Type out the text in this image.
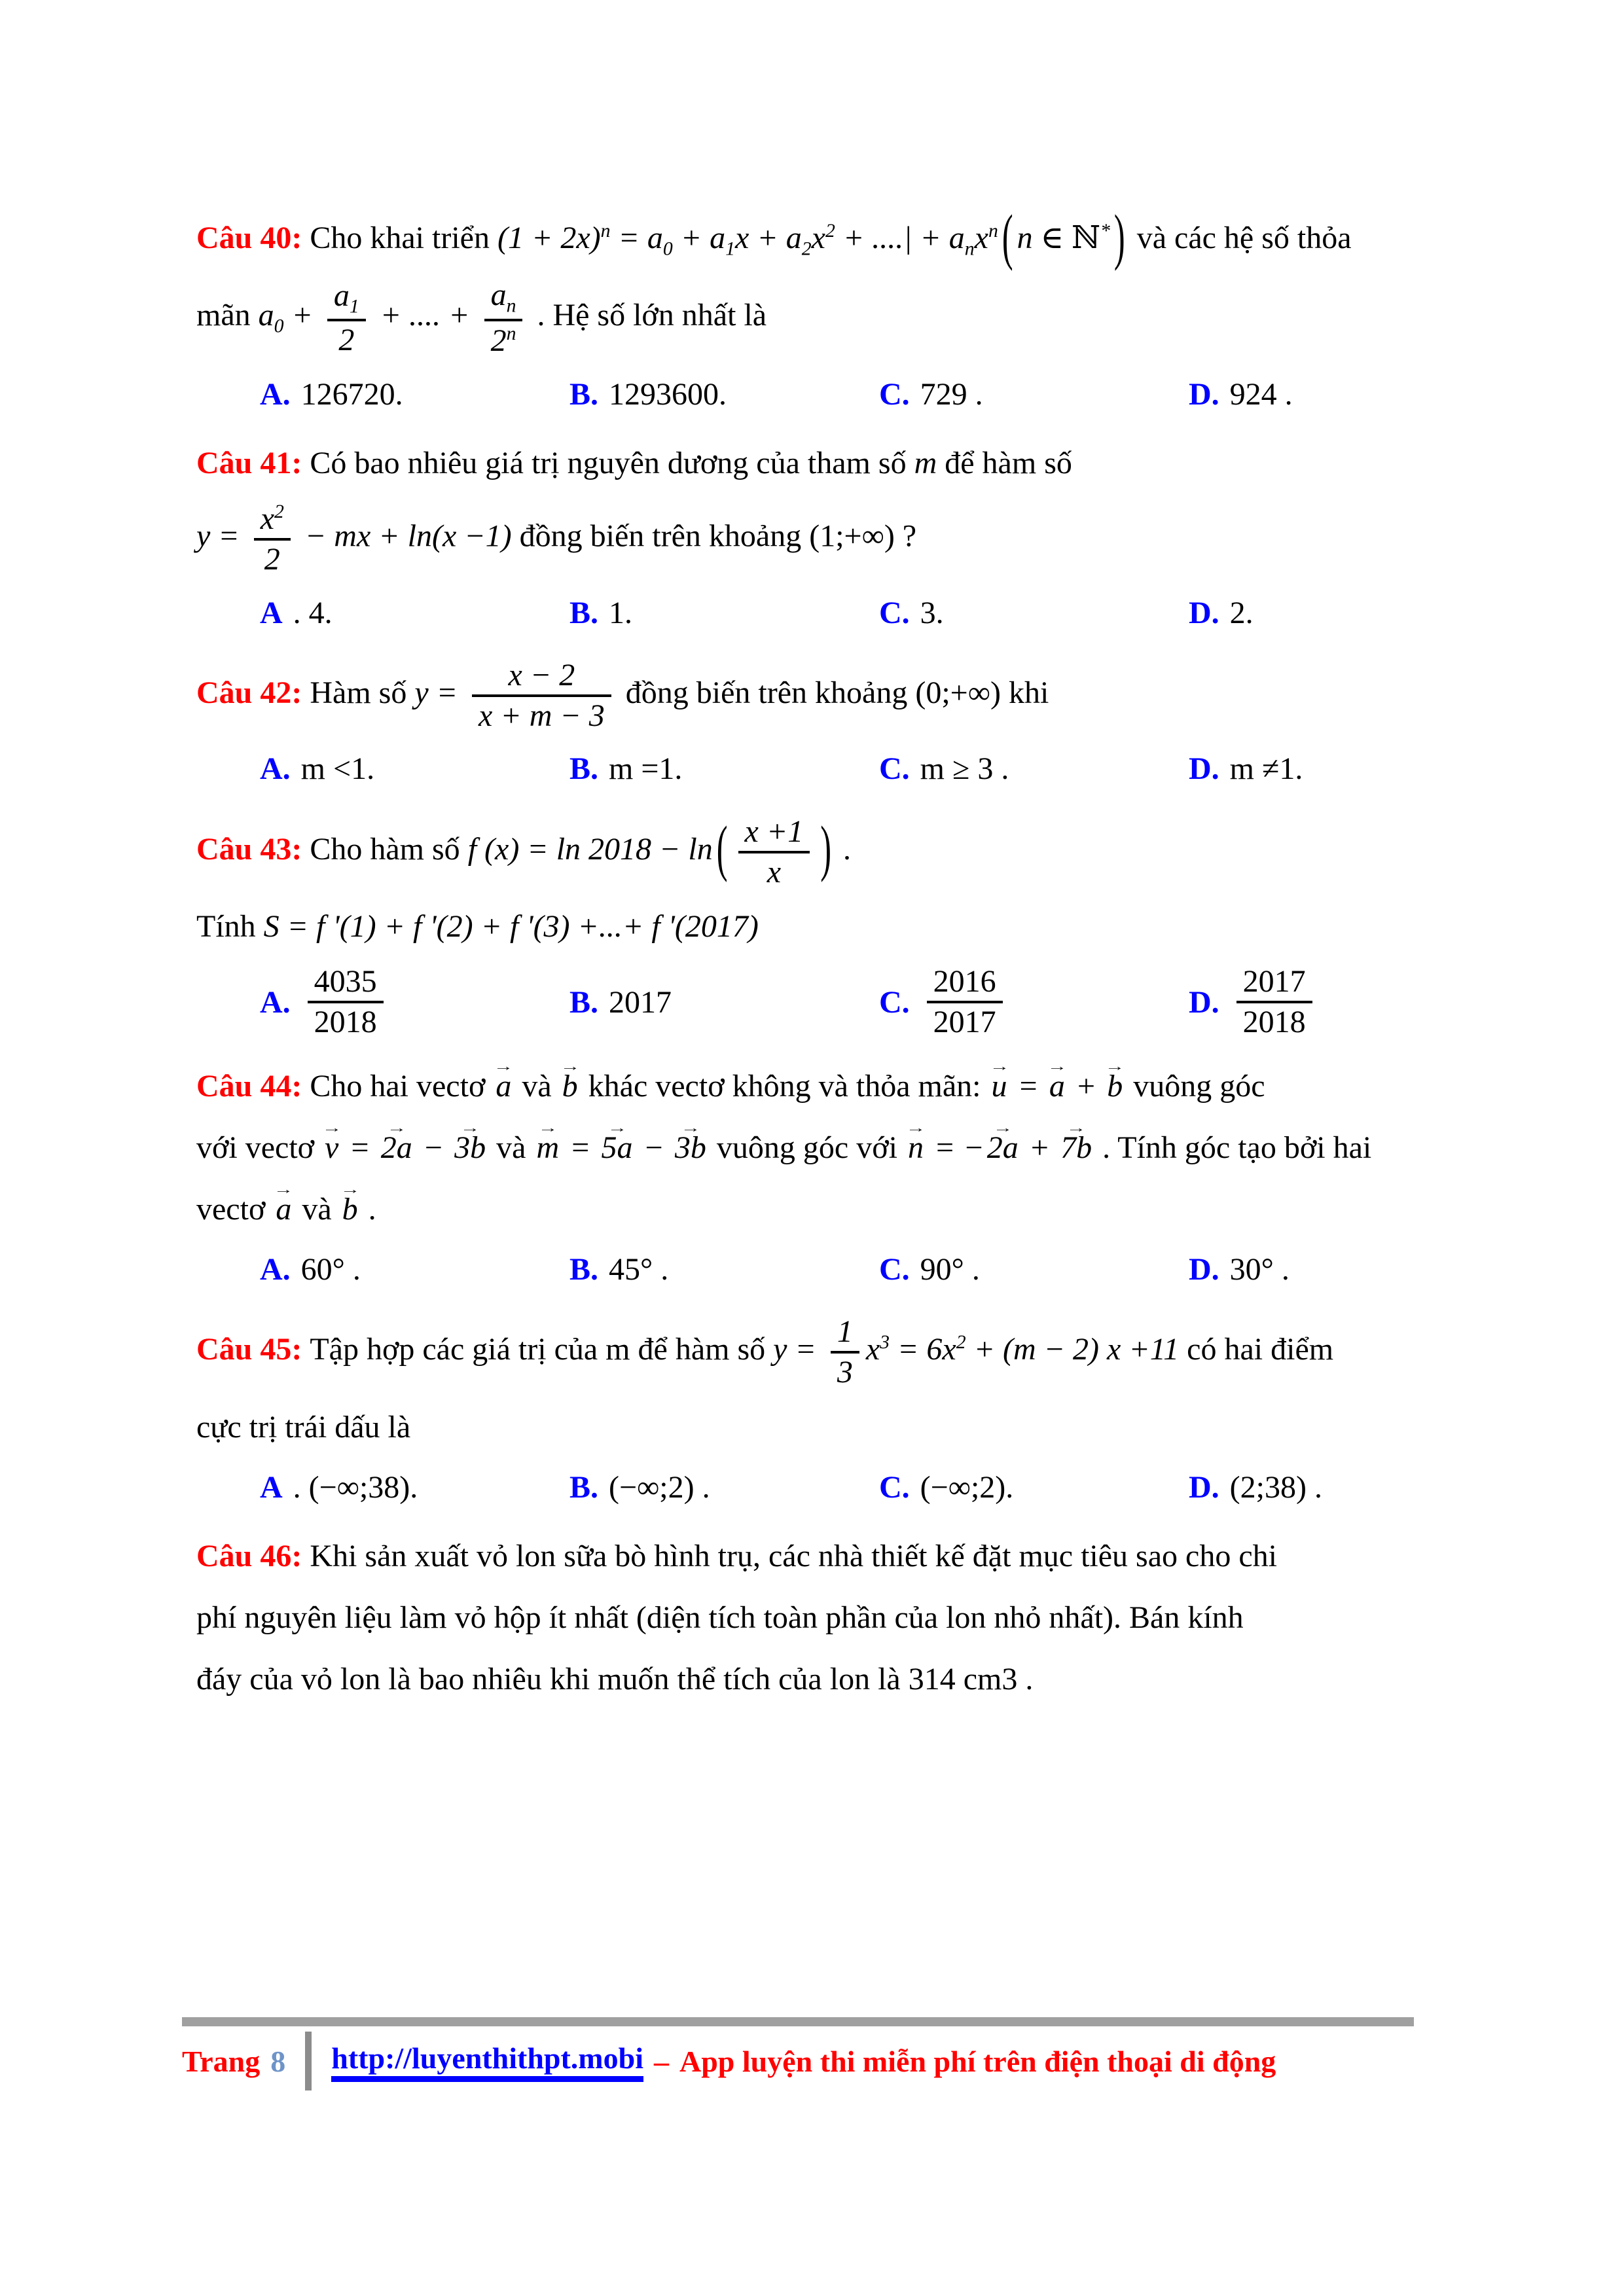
Câu 40: Cho khai triển $(1 + 2x)^n = a_0 + a_1x + a_2x^2$ + ....| + $a_nx^n$ ( n ∈ ℕ* ) và các hệ số thỏa
mãn $a_0 + \frac{a_1}{2}$ + .... + $\frac{a_n}{2^n}$ . Hệ số lớn nhất là
A. 126720.	B. 1293600.	C. 729 .	D. 924 .
Câu 41: Có bao nhiêu giá trị nguyên dương của tham số m để hàm số
$y = \frac{x^2}{2}$ − mx + ln(x −1) đồng biến trên khoảng (1;+∞) ?
A . 4.	B. 1.	C. 3.	D. 2.
Câu 42: Hàm số $y = \frac{x - 2}{x + m - 3}$ đồng biến trên khoảng (0;+∞) khi
A. m <1.	B. m =1.	C. m ≥ 3 .	D. m ≠1.
Câu 43: Cho hàm số f (x) = ln 2018 − ln ( $\frac{x +1}{x}$ ) .
Tính S = f '(1) + f '(2) + f '(3) +...+ f '(2017)
A. $\frac{4035}{2018}$	B. 2017	C. $\frac{2016}{2017}$	D. $\frac{2017}{2018}$
Câu 44: Cho hai vectơ a → và b → khác vectơ không và thỏa mãn: u → = a → + b → vuông góc
với vectơ v → = 2a → − 3b → và m → = 5a → − 3b → vuông góc với n → = −2a → + 7b → . Tính góc tạo bởi hai
vectơ a → và b → .
A. 60° .	B. 45° .	C. 90° .	D. 30° .
Câu 45: Tập hợp các giá trị của m để hàm số $y = \frac{1}{3} x^3 = 6x^2 + (m - 2)$ x +11 có hai điểm
cực trị trái dấu là
A . (−∞;38).	B. (−∞;2) .	C. (−∞;2).	D. (2;38) .
Câu 46: Khi sản xuất vỏ lon sữa bò hình trụ, các nhà thiết kế đặt mục tiêu sao cho chi
phí nguyên liệu làm vỏ hộp ít nhất (diện tích toàn phần của lon nhỏ nhất). Bán kính
đáy của vỏ lon là bao nhiêu khi muốn thể tích của lon là 314 cm3 .
Trang 8 http://luyenthithpt.mobi – App luyện thi miễn phí trên điện thoại di động
